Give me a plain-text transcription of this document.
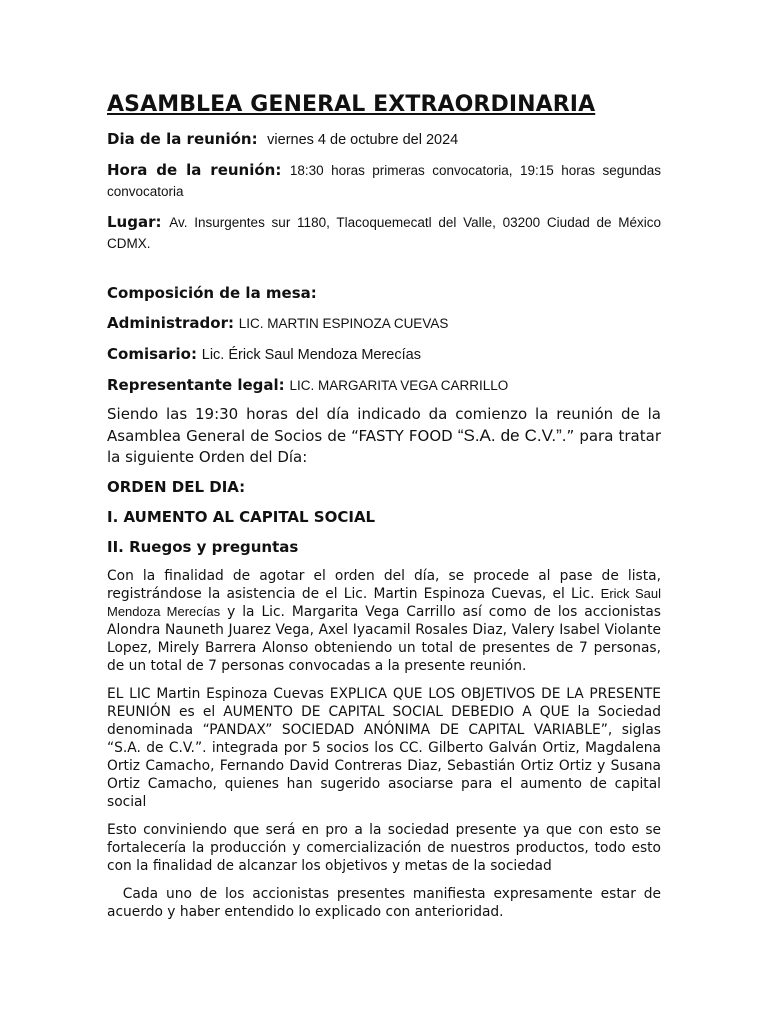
ASAMBLEA GENERAL EXTRAORDINARIA

Dia de la reunión: viernes 4 de octubre del 2024

Hora de la reunión: 18:30 horas primeras convocatoria, 19:15 horas segundas convocatoria

Lugar: Av. Insurgentes sur 1180, Tlacoquemecatl del Valle, 03200 Ciudad de México CDMX.

Composición de la mesa:

Administrador: LIC. MARTIN ESPINOZA CUEVAS

Comisario: Lic. Érick Saul Mendoza Merecías

Representante legal: LIC. MARGARITA VEGA CARRILLO

Siendo las 19:30 horas del día indicado da comienzo la reunión de la Asamblea General de Socios de “FASTY FOOD “S.A. de C.V.”.” para tratar la siguiente Orden del Día:

ORDEN DEL DIA:

I. AUMENTO AL CAPITAL SOCIAL

II. Ruegos y preguntas

Con la finalidad de agotar el orden del día, se procede al pase de lista, registrándose la asistencia de el Lic. Martin Espinoza Cuevas, el Lic. Erick Saul Mendoza Merecías y la Lic. Margarita Vega Carrillo así como de los accionistas Alondra Nauneth Juarez Vega, Axel Iyacamil Rosales Diaz, Valery Isabel Violante Lopez, Mirely Barrera Alonso obteniendo un total de presentes de 7 personas, de un total de 7 personas convocadas a la presente reunión.

EL LIC Martin Espinoza Cuevas EXPLICA QUE LOS OBJETIVOS DE LA PRESENTE REUNIÓN es el AUMENTO DE CAPITAL SOCIAL DEBEDIO A QUE la Sociedad denominada “PANDAX” SOCIEDAD ANÓNIMA DE CAPITAL VARIABLE”, siglas “S.A. de C.V.”. integrada por 5 socios los CC. Gilberto Galván Ortiz, Magdalena Ortiz Camacho, Fernando David Contreras Diaz, Sebastián Ortiz Ortiz y Susana Ortiz Camacho, quienes han sugerido asociarse para el aumento de capital social

Esto conviniendo que será en pro a la sociedad presente ya que con esto se fortalecería la producción y comercialización de nuestros productos, todo esto con la finalidad de alcanzar los objetivos y metas de la sociedad

Cada uno de los accionistas presentes manifiesta expresamente estar de acuerdo y haber entendido lo explicado con anterioridad.
